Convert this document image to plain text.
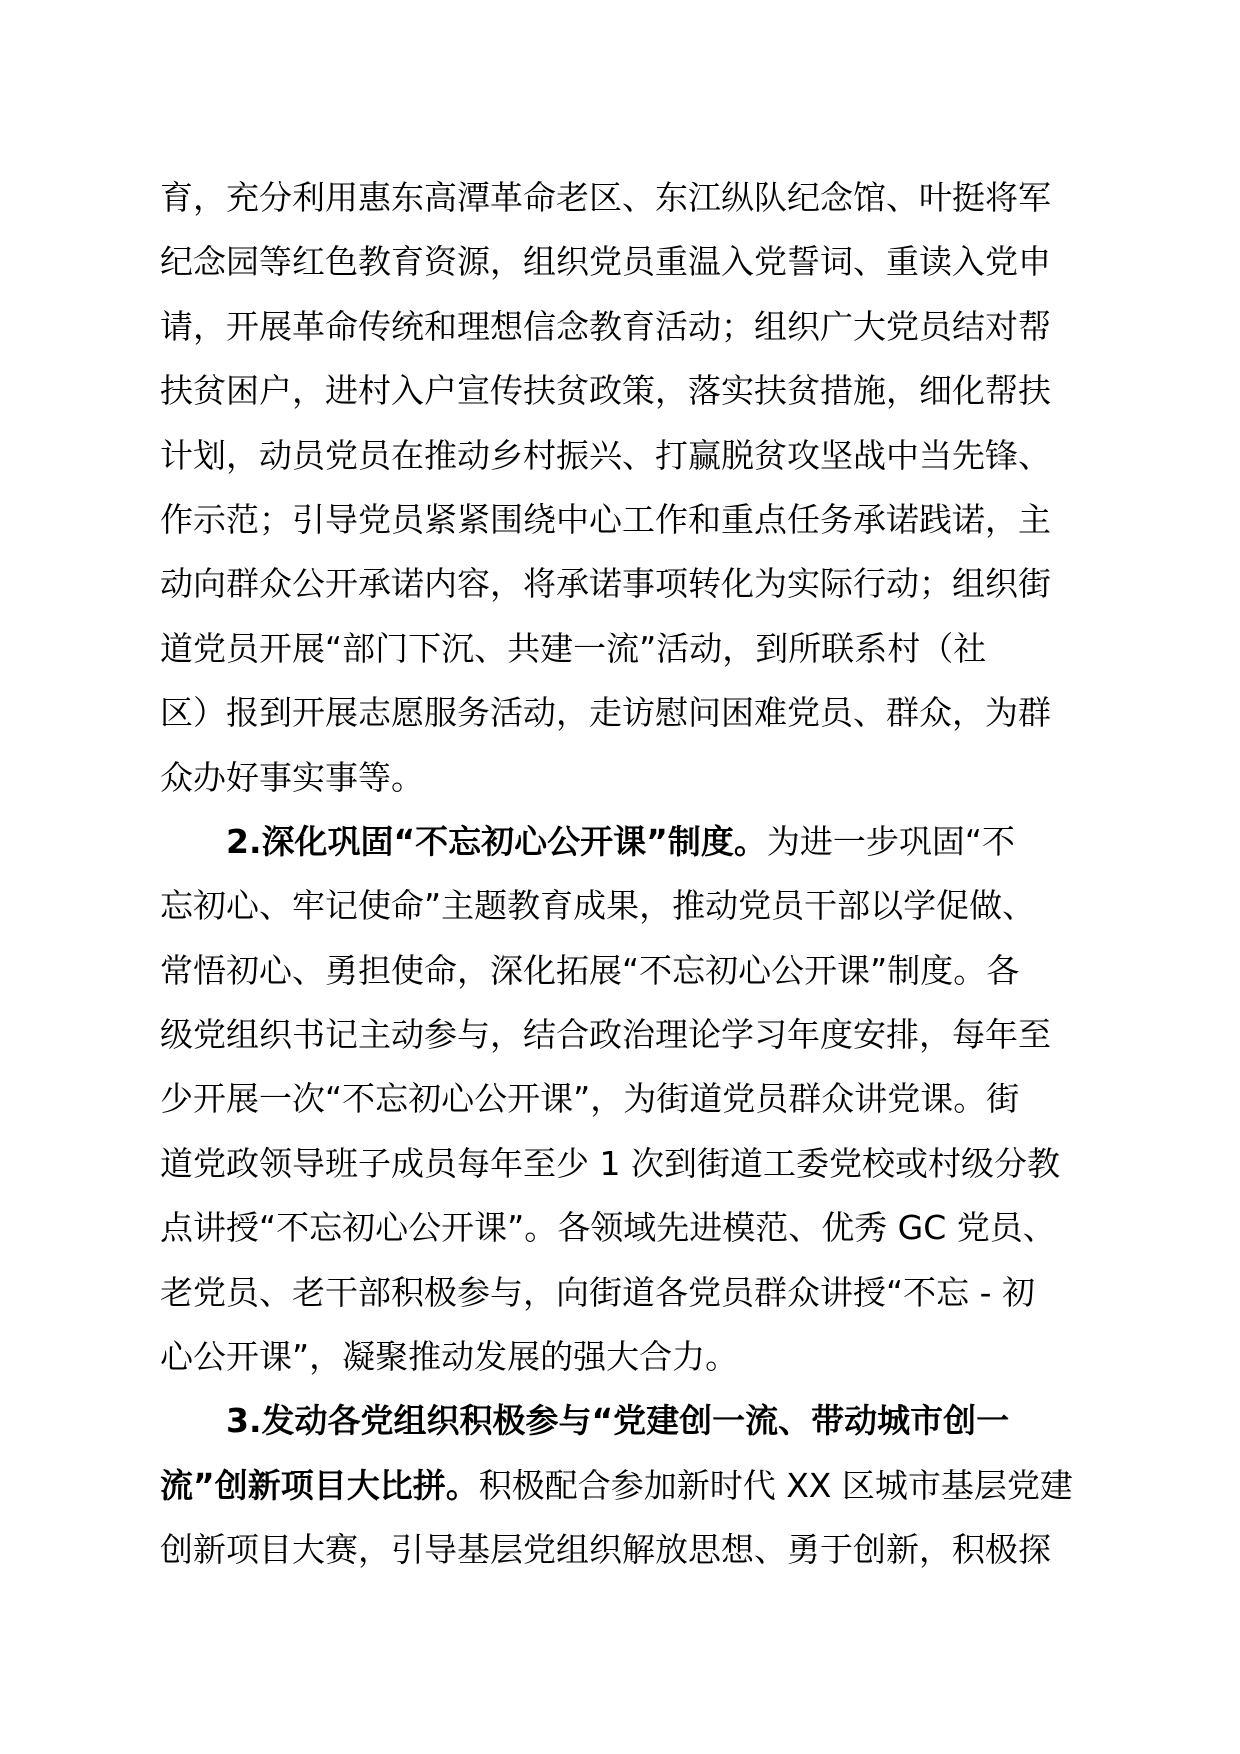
育，充分利用惠东高潭革命老区、东江纵队纪念馆、叶挺将军
纪念园等红色教育资源，组织党员重温入党誓词、重读入党申
请，开展革命传统和理想信念教育活动；组织广大党员结对帮
扶贫困户，进村入户宣传扶贫政策，落实扶贫措施，细化帮扶
计划，动员党员在推动乡村振兴、打赢脱贫攻坚战中当先锋、
作示范；引导党员紧紧围绕中心工作和重点任务承诺践诺，主
动向群众公开承诺内容，将承诺事项转化为实际行动；组织街
道党员开展“部门下沉、共建一流”活动，到所联系村（社
区）报到开展志愿服务活动，走访慰问困难党员、群众，为群
众办好事实事等。
2.深化巩固“不忘初心公开课”制度。为进一步巩固“不
忘初心、牢记使命”主题教育成果，推动党员干部以学促做、
常悟初心、勇担使命，深化拓展“不忘初心公开课”制度。各
级党组织书记主动参与，结合政治理论学习年度安排，每年至
少开展一次“不忘初心公开课”，为街道党员群众讲党课。街
道党政领导班子成员每年至少 1 次到街道工委党校或村级分教
点讲授“不忘初心公开课”。各领域先进模范、优秀 GC 党员、
老党员、老干部积极参与，向街道各党员群众讲授“不忘 - 初
心公开课”，凝聚推动发展的强大合力。
3.发动各党组织积极参与“党建创一流、带动城市创一
流”创新项目大比拼。积极配合参加新时代 XX 区城市基层党建
创新项目大赛，引导基层党组织解放思想、勇于创新，积极探
